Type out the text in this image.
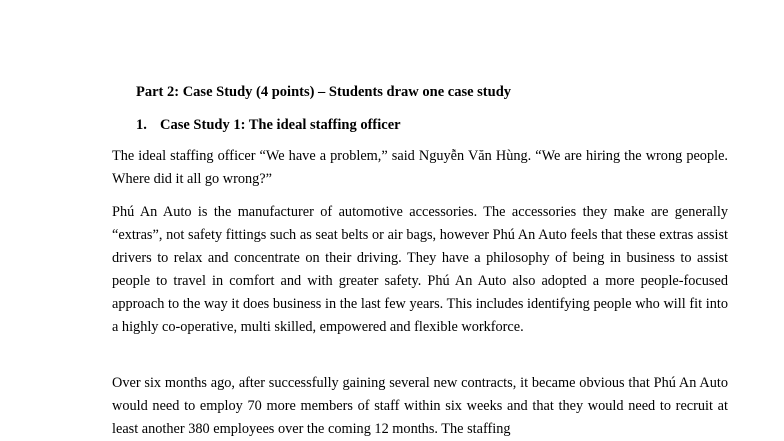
Part 2: Case Study (4 points) – Students draw one case study
1. Case Study 1: The ideal staffing officer

The ideal staffing officer “We have a problem,” said Nguyễn Văn Hùng. “We are hiring the wrong people. Where did it all go wrong?”

Phú An Auto is the manufacturer of automotive accessories. The accessories they make are generally “extras”, not safety fittings such as seat belts or air bags, however Phú An Auto feels that these extras assist drivers to relax and concentrate on their driving. They have a philosophy of being in business to assist people to travel in comfort and with greater safety. Phú An Auto also adopted a more people-focused approach to the way it does business in the last few years. This includes identifying people who will fit into a highly co-operative, multi skilled, empowered and flexible workforce.

Over six months ago, after successfully gaining several new contracts, it became obvious that Phú An Auto would need to employ 70 more members of staff within six weeks and that they would need to recruit at least another 380 employees over the coming 12 months. The staffing
